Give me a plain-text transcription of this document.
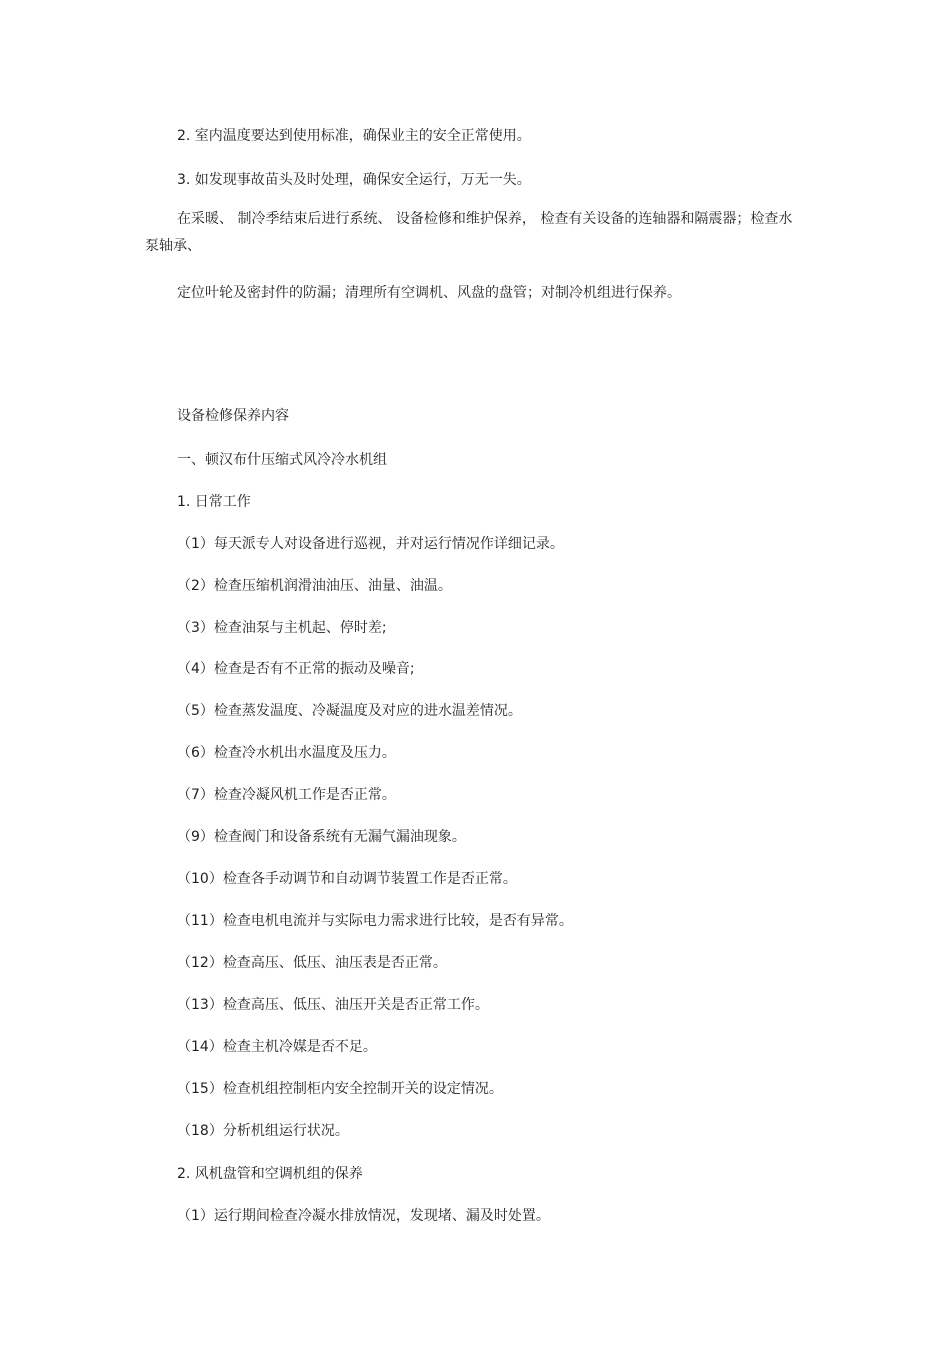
2. 室内温度要达到使用标准，确保业主的安全正常使用。
3. 如发现事故苗头及时处理，确保安全运行，万无一失。
在采暖、 制冷季结束后进行系统、 设备检修和维护保养， 检查有关设备的连轴器和隔震器；检查水泵轴承、
定位叶轮及密封件的防漏；清理所有空调机、风盘的盘管；对制冷机组进行保养。
设备检修保养内容
一、顿汉布什压缩式风冷冷水机组
1. 日常工作
（1）每天派专人对设备进行巡视，并对运行情况作详细记录。
（2）检查压缩机润滑油油压、油量、油温。
（3）检查油泵与主机起、停时差;
（4）检查是否有不正常的振动及噪音;
（5）检查蒸发温度、冷凝温度及对应的进水温差情况。
（6）检查冷水机出水温度及压力。
（7）检查冷凝风机工作是否正常。
（9）检查阀门和设备系统有无漏气漏油现象。
（10）检查各手动调节和自动调节装置工作是否正常。
（11）检查电机电流并与实际电力需求进行比较，是否有异常。
（12）检查高压、低压、油压表是否正常。
（13）检查高压、低压、油压开关是否正常工作。
（14）检查主机冷媒是否不足。
（15）检查机组控制柜内安全控制开关的设定情况。
（18）分析机组运行状况。
2. 风机盘管和空调机组的保养
（1）运行期间检查冷凝水排放情况，发现堵、漏及时处置。
